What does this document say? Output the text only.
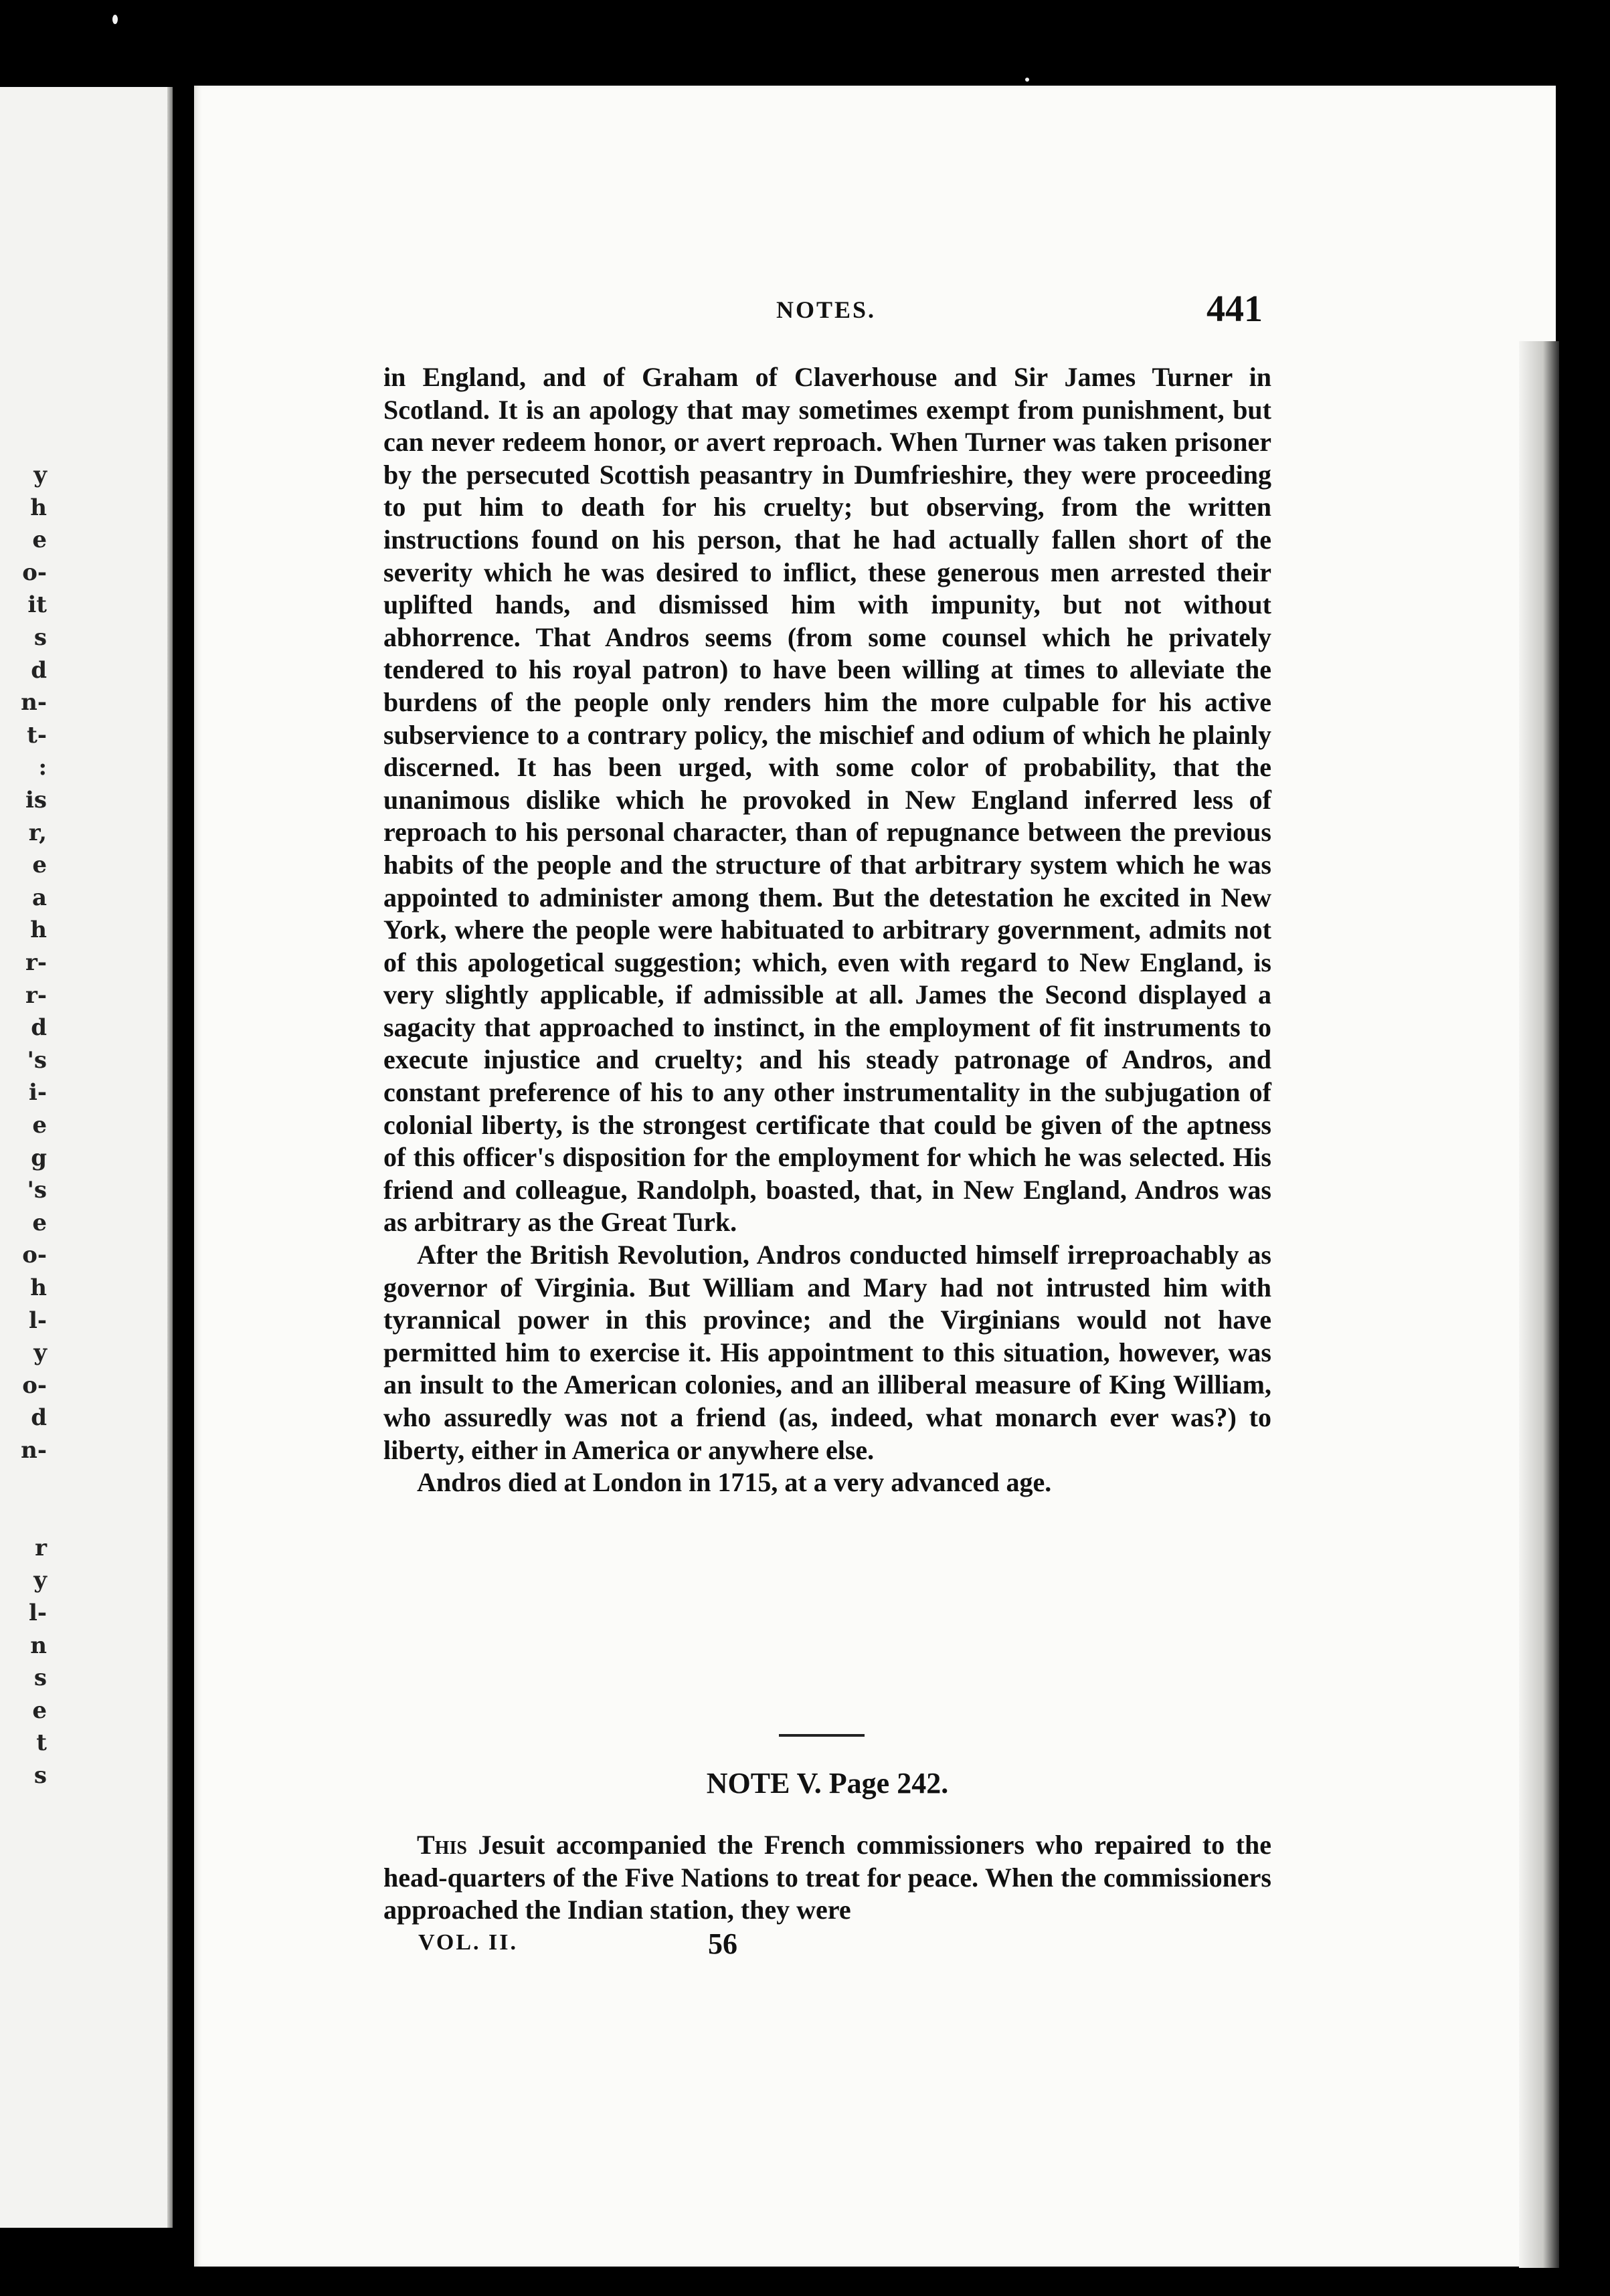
y
h
e
o-
it
s
d
n-
t-
:
is
r,
e
a
h
r-
r-
d
's
i-
e
g
's
e
o-
h
l-
y
o-
d
n-
r
y
l-
n
s
e
t
s
NOTES.	441

in England, and of Graham of Claverhouse and Sir James Turner in Scotland. It is an apology that may sometimes exempt from punishment, but can never redeem honor, or avert reproach. When Turner was taken prisoner by the persecuted Scottish peasantry in Dumfrieshire, they were proceeding to put him to death for his cruelty; but observing, from the written instructions found on his person, that he had actually fallen short of the severity which he was desired to inflict, these generous men arrested their uplifted hands, and dismissed him with impunity, but not without abhorrence. That Andros seems (from some counsel which he privately tendered to his royal patron) to have been willing at times to alleviate the burdens of the people only renders him the more culpable for his active subservience to a contrary policy, the mischief and odium of which he plainly discerned. It has been urged, with some color of probability, that the unanimous dislike which he provoked in New England inferred less of reproach to his personal character, than of repugnance between the previous habits of the people and the structure of that arbitrary system which he was appointed to administer among them. But the detestation he excited in New York, where the people were habituated to arbitrary government, admits not of this apologetical suggestion; which, even with regard to New England, is very slightly applicable, if admissible at all. James the Second displayed a sagacity that approached to instinct, in the employment of fit instruments to execute injustice and cruelty; and his steady patronage of Andros, and constant preference of his to any other instrumentality in the subjugation of colonial liberty, is the strongest certificate that could be given of the aptness of this officer's disposition for the employment for which he was selected. His friend and colleague, Randolph, boasted, that, in New England, Andros was as arbitrary as the Great Turk.

After the British Revolution, Andros conducted himself irreproachably as governor of Virginia. But William and Mary had not intrusted him with tyrannical power in this province; and the Virginians would not have permitted him to exercise it. His appointment to this situation, however, was an insult to the American colonies, and an illiberal measure of King William, who assuredly was not a friend (as, indeed, what monarch ever was?) to liberty, either in America or anywhere else.

Andros died at London in 1715, at a very advanced age.

NOTE V. Page 242.

This Jesuit accompanied the French commissioners who repaired to the head-quarters of the Five Nations to treat for peace. When the commissioners approached the Indian station, they were

VOL. II.	56
